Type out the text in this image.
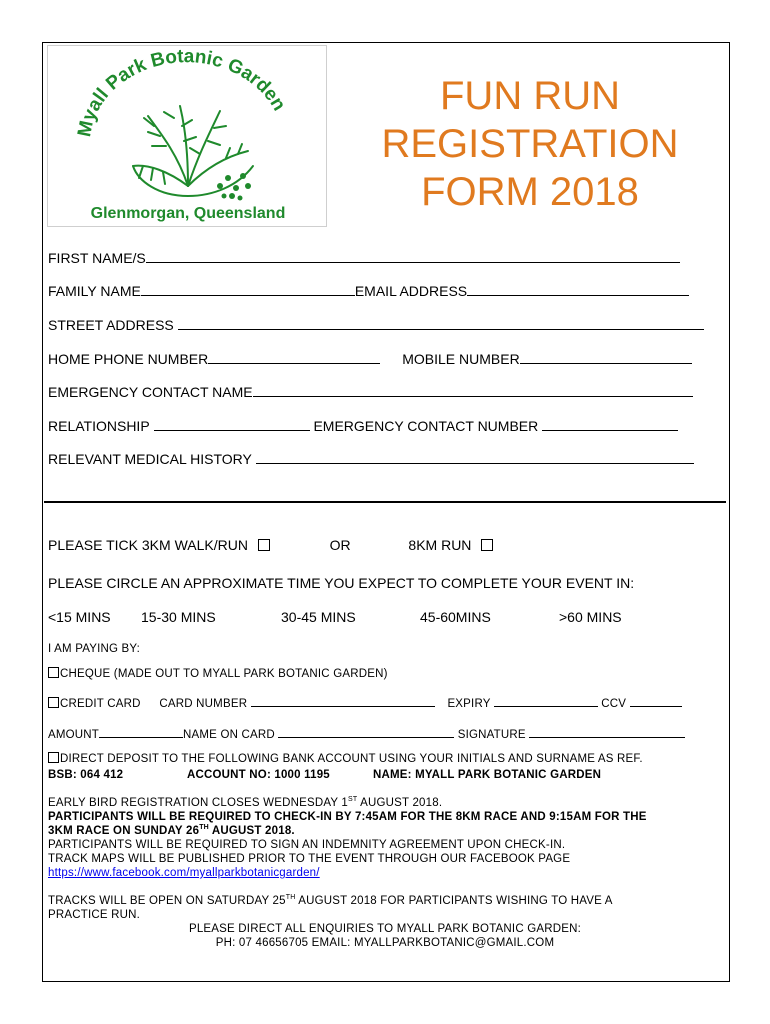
Myall Park Botanic Garden
Glenmorgan, Queensland
FUN RUN
REGISTRATION
FORM 2018
FIRST NAME/S
FAMILY NAME	EMAIL ADDRESS
STREET ADDRESS
HOME PHONE NUMBER	MOBILE NUMBER
EMERGENCY CONTACT NAME
RELATIONSHIP	EMERGENCY CONTACT NUMBER
RELEVANT MEDICAL HISTORY
PLEASE TICK 3KM WALK/RUN	OR	8KM RUN
PLEASE CIRCLE AN APPROXIMATE TIME YOU EXPECT TO COMPLETE YOUR EVENT IN:
<15 MINS 15-30 MINS	30-45 MINS	45-60MINS	>60 MINS
I AM PAYING BY:
CHEQUE (MADE OUT TO MYALL PARK BOTANIC GARDEN)
CREDIT CARD CARD NUMBER	EXPIRY	CCV
AMOUNT	NAME ON CARD	SIGNATURE
DIRECT DEPOSIT TO THE FOLLOWING BANK ACCOUNT USING YOUR INITIALS AND SURNAME AS REF.
BSB: 064 412	ACCOUNT NO: 1000 1195	NAME: MYALL PARK BOTANIC GARDEN
EARLY BIRD REGISTRATION CLOSES WEDNESDAY 1ST AUGUST 2018.
PARTICIPANTS WILL BE REQUIRED TO CHECK-IN BY 7:45AM FOR THE 8KM RACE AND 9:15AM FOR THE
3KM RACE ON SUNDAY 26TH AUGUST 2018.
PARTICIPANTS WILL BE REQUIRED TO SIGN AN INDEMNITY AGREEMENT UPON CHECK-IN.
TRACK MAPS WILL BE PUBLISHED PRIOR TO THE EVENT THROUGH OUR FACEBOOK PAGE
https://www.facebook.com/myallparkbotanicgarden/
TRACKS WILL BE OPEN ON SATURDAY 25TH AUGUST 2018 FOR PARTICIPANTS WISHING TO HAVE A
PRACTICE RUN.
PLEASE DIRECT ALL ENQUIRIES TO MYALL PARK BOTANIC GARDEN:
PH: 07 46656705 EMAIL: MYALLPARKBOTANIC@GMAIL.COM
